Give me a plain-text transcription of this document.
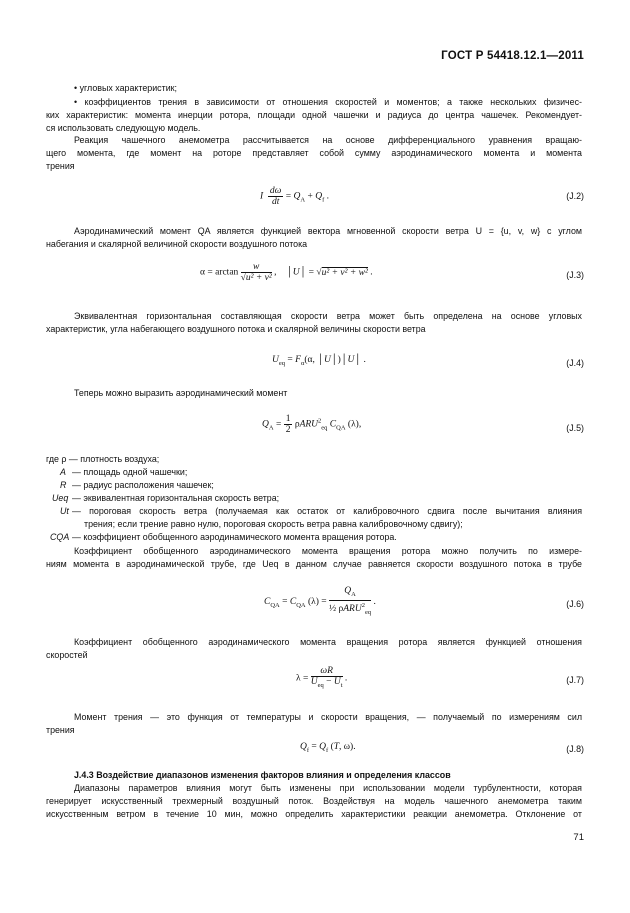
ГОСТ Р 54418.12.1—2011
• угловых характеристик;
• коэффициентов трения в зависимости от отношения скоростей и моментов; а также нескольких физичес-
ких характеристик: момента инерции ротора, площади одной чашечки и радиуса до центра чашечек. Рекомендует-
ся использовать следующую модель.
Реакция чашечного анемометра рассчитывается на основе дифференциального уравнения вращаю-
щего момента, где момент на роторе представляет собой сумму аэродинамического момента и момента
трения
I $\frac{d\omega}{dt} = Q_A + Q_f$ .	(J.2)
Аэродинамический момент QA является функцией вектора мгновенной скорости ветра U = {u, v, w} с углом
набегания и скалярной величиной скорости воздушного потока
$\alpha = \arctan \frac{w}{\text{√u² + v²}}$ ,    │U│ = √u² + v² + w² .	(J.3)
Эквивалентная горизонтальная составляющая скорости ветра может быть определена на основе угловых
характеристик, угла набегающего воздушного потока и скалярной величины скорости ветра
$U_{eq} = F_\alpha(\alpha$, │U│)│U│ .	(J.4)
Теперь можно выразить аэродинамический момент
$Q_A = \frac{1}{2} \rho ARU^2_{eq}$ $C_{QA}$ (λ),	(J.5)
где ρ — плотность воздуха;
A — площадь одной чашечки;
R — радиус расположения чашечек;
Ueq — эквивалентная горизонтальная скорость ветра;
Ut — пороговая скорость ветра (получаемая как остаток от калибровочного сдвига после вычитания влияния
трения; если трение равно нулю, пороговая скорость ветра равна калибровочному сдвигу);
CQA — коэффициент обобщенного аэродинамического момента вращения ротора.
Коэффициент обобщенного аэродинамического момента вращения ротора можно получить по измере-
ниям момента в аэродинамической трубе, где Ueq в данном случае равняется скорости воздушного потока в трубе
$C_{QA} = C_{QA}$ $(\lambda) = \frac{Q_A}{\frac{1}{2} \rho ARU^2_{eq}}$ .	(J.6)
Коэффициент обобщенного аэродинамического момента вращения ротора является функцией отношения
скоростей
$\lambda = \frac{\omega R}{U_{eq} - U_t}$ .	(J.7)
Момент трения — это функция от температуры и скорости вращения, — получаемый по измерениям сил
трения
$Q_f = Q_f$ (T, ω).	(J.8)
J.4.3 Воздействие диапазонов изменения факторов влияния и определения классов
Диапазоны параметров влияния могут быть изменены при использовании модели турбулентности, которая
генерирует искусственный трехмерный воздушный поток. Воздействуя на модель чашечного анемометра таким
искусственным ветром в течение 10 мин, можно определить характеристики реакции анемометра. Отклонение от
71
